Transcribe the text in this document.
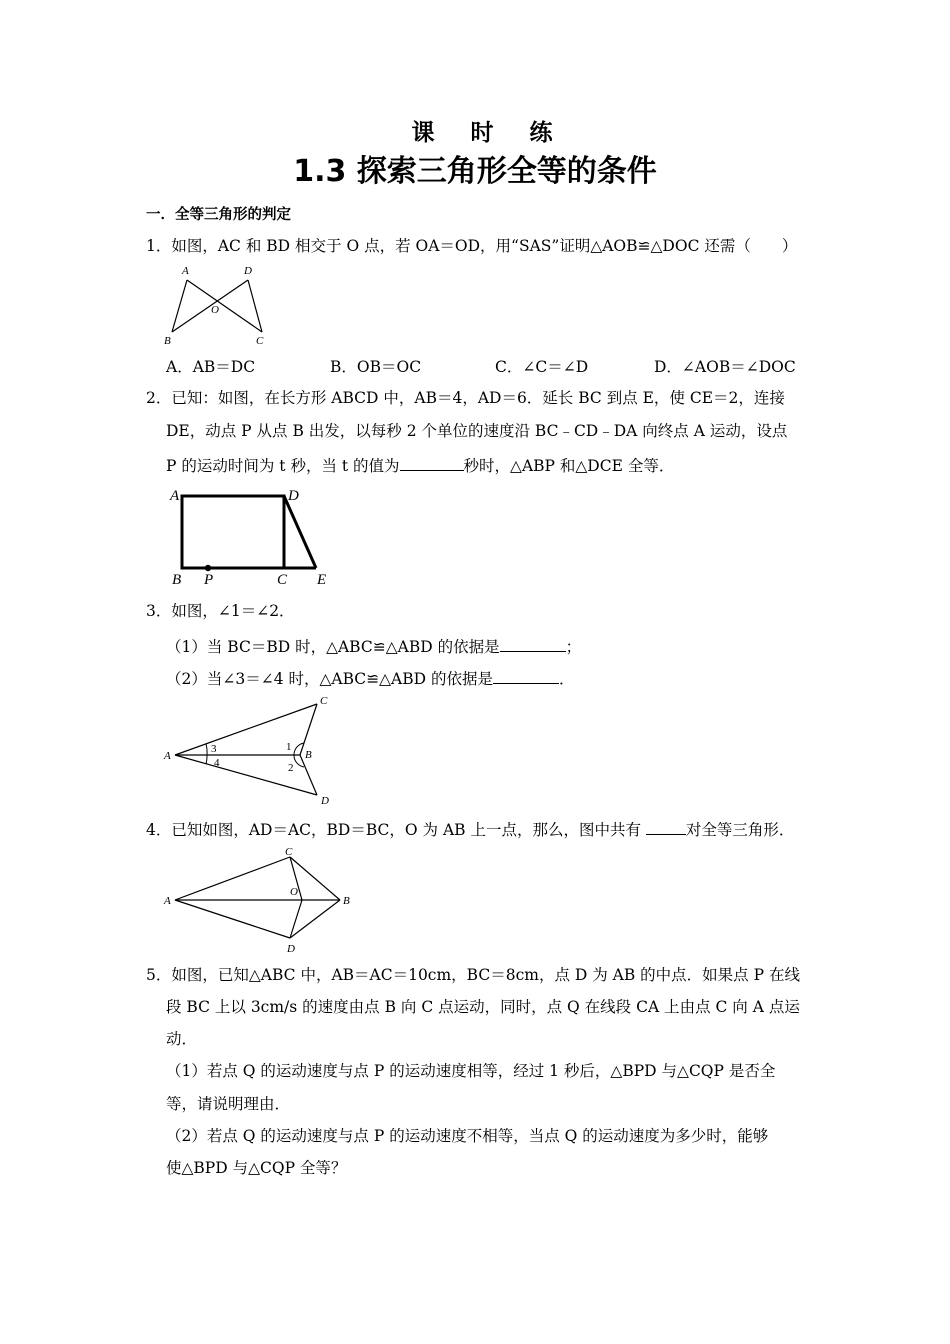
课 时 练
1.3 探索三角形全等的条件
一．全等三角形的判定
1．如图，AC 和 BD 相交于 O 点，若 OA＝OD，用“SAS”证明△AOB≌△DOC 还需（　　）
A	D
O
B	C
A．AB＝DC	B．OB＝OC	C．∠C＝∠D	D．∠AOB＝∠DOC
2．已知：如图，在长方形 ABCD 中，AB＝4，AD＝6．延长 BC 到点 E，使 CE＝2，连接
DE，动点 P 从点 B 出发，以每秒 2 个单位的速度沿 BC﹣CD﹣DA 向终点 A 运动，设点
P 的运动时间为 t 秒，当 t 的值为	秒时，△ABP 和△DCE 全等．
A	D
B P	C E
3．如图，∠1＝∠2．
（1）当 BC＝BD 时，△ABC≌△ABD 的依据是	；
（2）当∠3＝∠4 时，△ABC≌△ABD 的依据是	．
A
C
B
D
1
2
3
4
4．已知如图，AD＝AC，BD＝BC，O 为 AB 上一点，那么，图中共有	对全等三角形．
C
A
O
B
D
5．如图，已知△ABC 中，AB＝AC＝10cm，BC＝8cm，点 D 为 AB 的中点．如果点 P 在线
段 BC 上以 3cm/s 的速度由点 B 向 C 点运动，同时，点 Q 在线段 CA 上由点 C 向 A 点运
动．
（1）若点 Q 的运动速度与点 P 的运动速度相等，经过 1 秒后，△BPD 与△CQP 是否全
等，请说明理由．
（2）若点 Q 的运动速度与点 P 的运动速度不相等，当点 Q 的运动速度为多少时，能够
使△BPD 与△CQP 全等？
